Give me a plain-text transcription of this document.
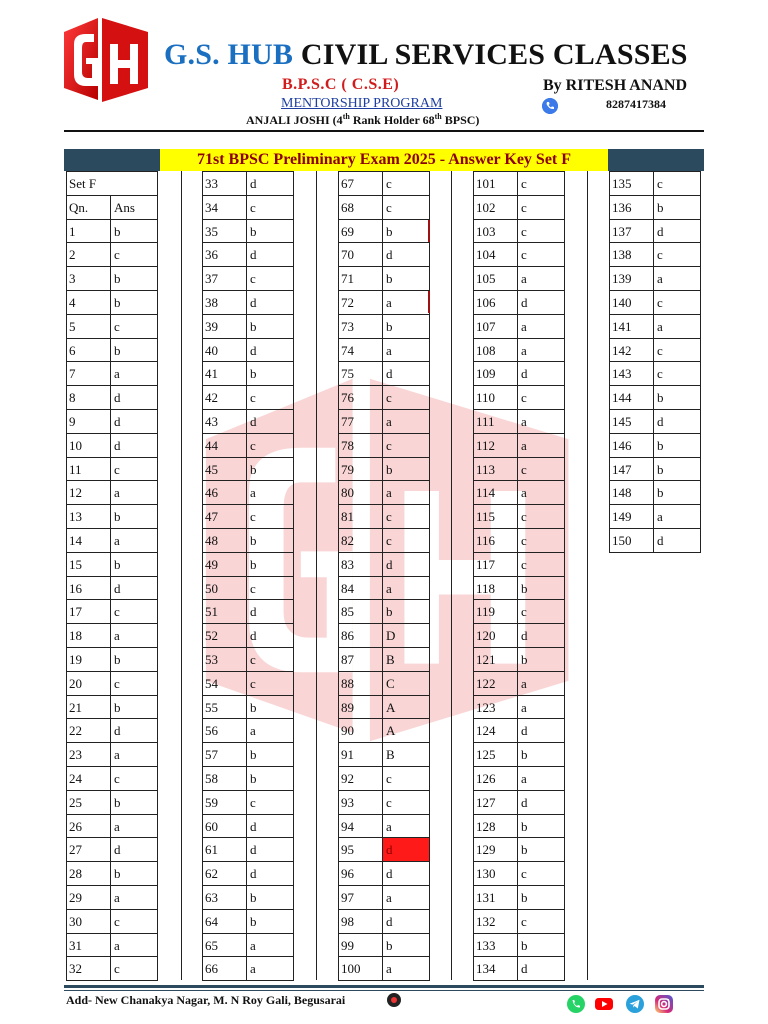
G.S. HUB CIVIL SERVICES CLASSES
B.P.S.C ( C.S.E)
MENTORSHIP PROGRAM
ANJALI JOSHI (4th Rank Holder 68th BPSC)
By RITESH ANAND
8287417384
71st BPSC Preliminary Exam 2025 - Answer Key Set F
Set F
Qn.	Ans
1	b
2	c
3	b
4	b
5	c
6	b
7	a
8	d
9	d
10	d
11	c
12	a
13	b
14	a
15	b
16	d
17	c
18	a
19	b
20	c
21	b
22	d
23	a
24	c
25	b
26	a
27	d
28	b
29	a
30	c
31	a
32	c
33	d
34	c
35	b
36	d
37	c
38	d
39	b
40	d
41	b
42	c
43	d
44	c
45	b
46	a
47	c
48	b
49	b
50	c
51	d
52	d
53	c
54	c
55	b
56	a
57	b
58	b
59	c
60	d
61	d
62	d
63	b
64	b
65	a
66	a
67	c
68	c
69	b
70	d
71	b
72	a
73	b
74	a
75	d
76	c
77	a
78	c
79	b
80	a
81	c
82	c
83	d
84	a
85	b
86	D
87	B
88	C
89	A
90	A
91	B
92	c
93	c
94	a
95	d
96	d
97	a
98	d
99	b
100	a
101	c
102	c
103	c
104	c
105	a
106	d
107	a
108	a
109	d
110	c
111	a
112	a
113	c
114	a
115	c
116	c
117	c
118	b
119	c
120	d
121	b
122	a
123	a
124	d
125	b
126	a
127	d
128	b
129	b
130	c
131	b
132	c
133	b
134	d
135	c
136	b
137	d
138	c
139	a
140	c
141	a
142	c
143	c
144	b
145	d
146	b
147	b
148	b
149	a
150	d
Add- New Chanakya Nagar, M. N Roy Gali, Begusarai
